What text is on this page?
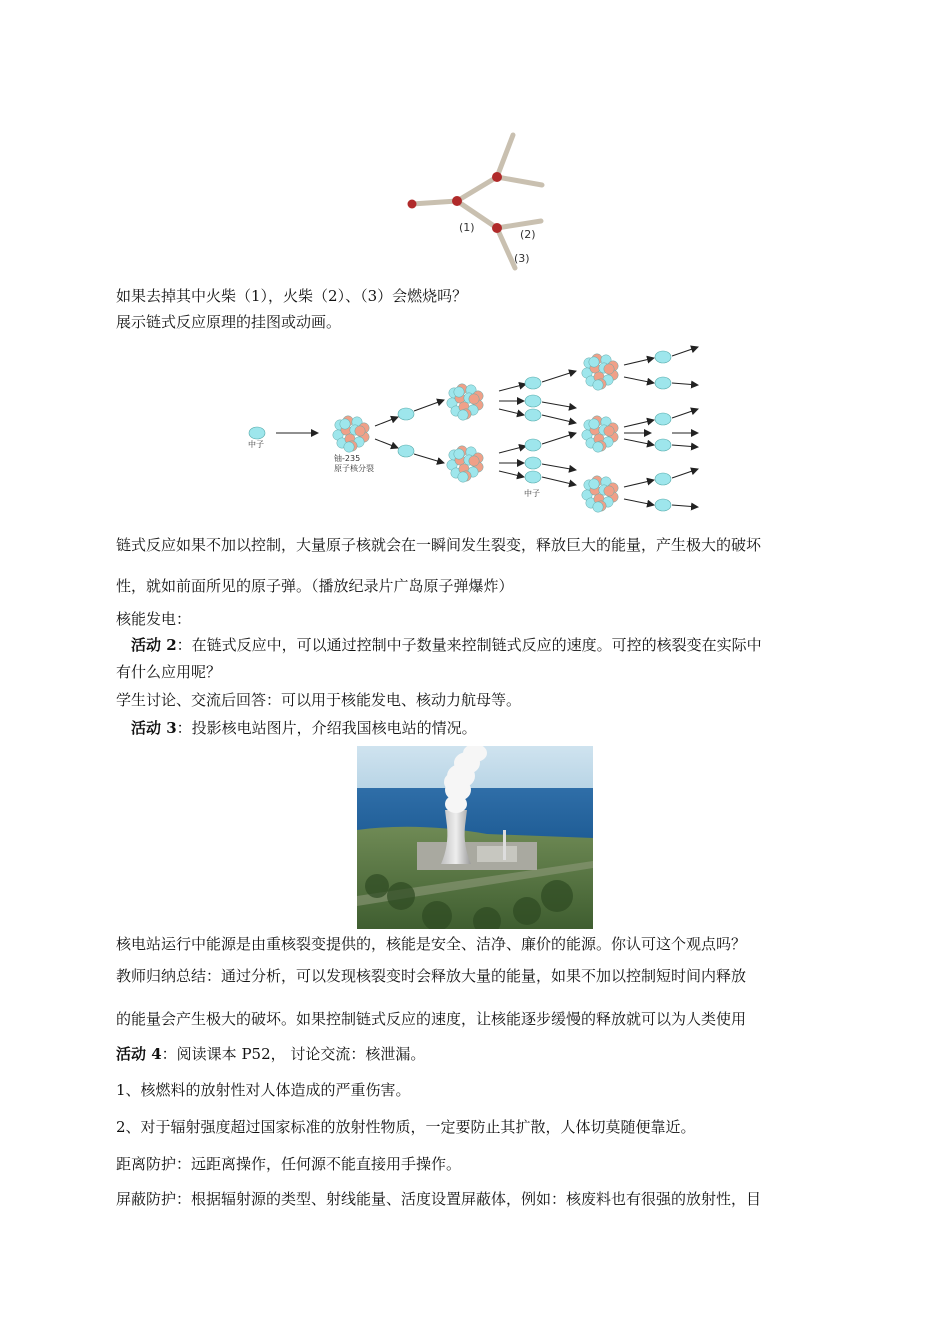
(1)
(2)
(3)
如果去掉其中火柴（1），火柴（2）、（3）会燃烧吗？
展示链式反应原理的挂图或动画。
中子
铀-235
原子核分裂
中子
链式反应如果不加以控制，大量原子核就会在一瞬间发生裂变，释放巨大的能量，产生极大的破坏
性，就如前面所见的原子弹。（播放纪录片广岛原子弹爆炸）
核能发电：
活动 2：在链式反应中，可以通过控制中子数量来控制链式反应的速度。可控的核裂变在实际中
有什么应用呢？
学生讨论、交流后回答：可以用于核能发电、核动力航母等。
活动 3：投影核电站图片，介绍我国核电站的情况。
核电站运行中能源是由重核裂变提供的，核能是安全、洁净、廉价的能源。你认可这个观点吗？
教师归纳总结：通过分析，可以发现核裂变时会释放大量的能量，如果不加以控制短时间内释放
的能量会产生极大的破坏。如果控制链式反应的速度，让核能逐步缓慢的释放就可以为人类使用
活动 4：阅读课本 P52， 讨论交流：核泄漏。
1、核燃料的放射性对人体造成的严重伤害。
2、对于辐射强度超过国家标准的放射性物质，一定要防止其扩散，人体切莫随便靠近。
距离防护：远距离操作，任何源不能直接用手操作。
屏蔽防护：根据辐射源的类型、射线能量、活度设置屏蔽体，例如：核废料也有很强的放射性，目
